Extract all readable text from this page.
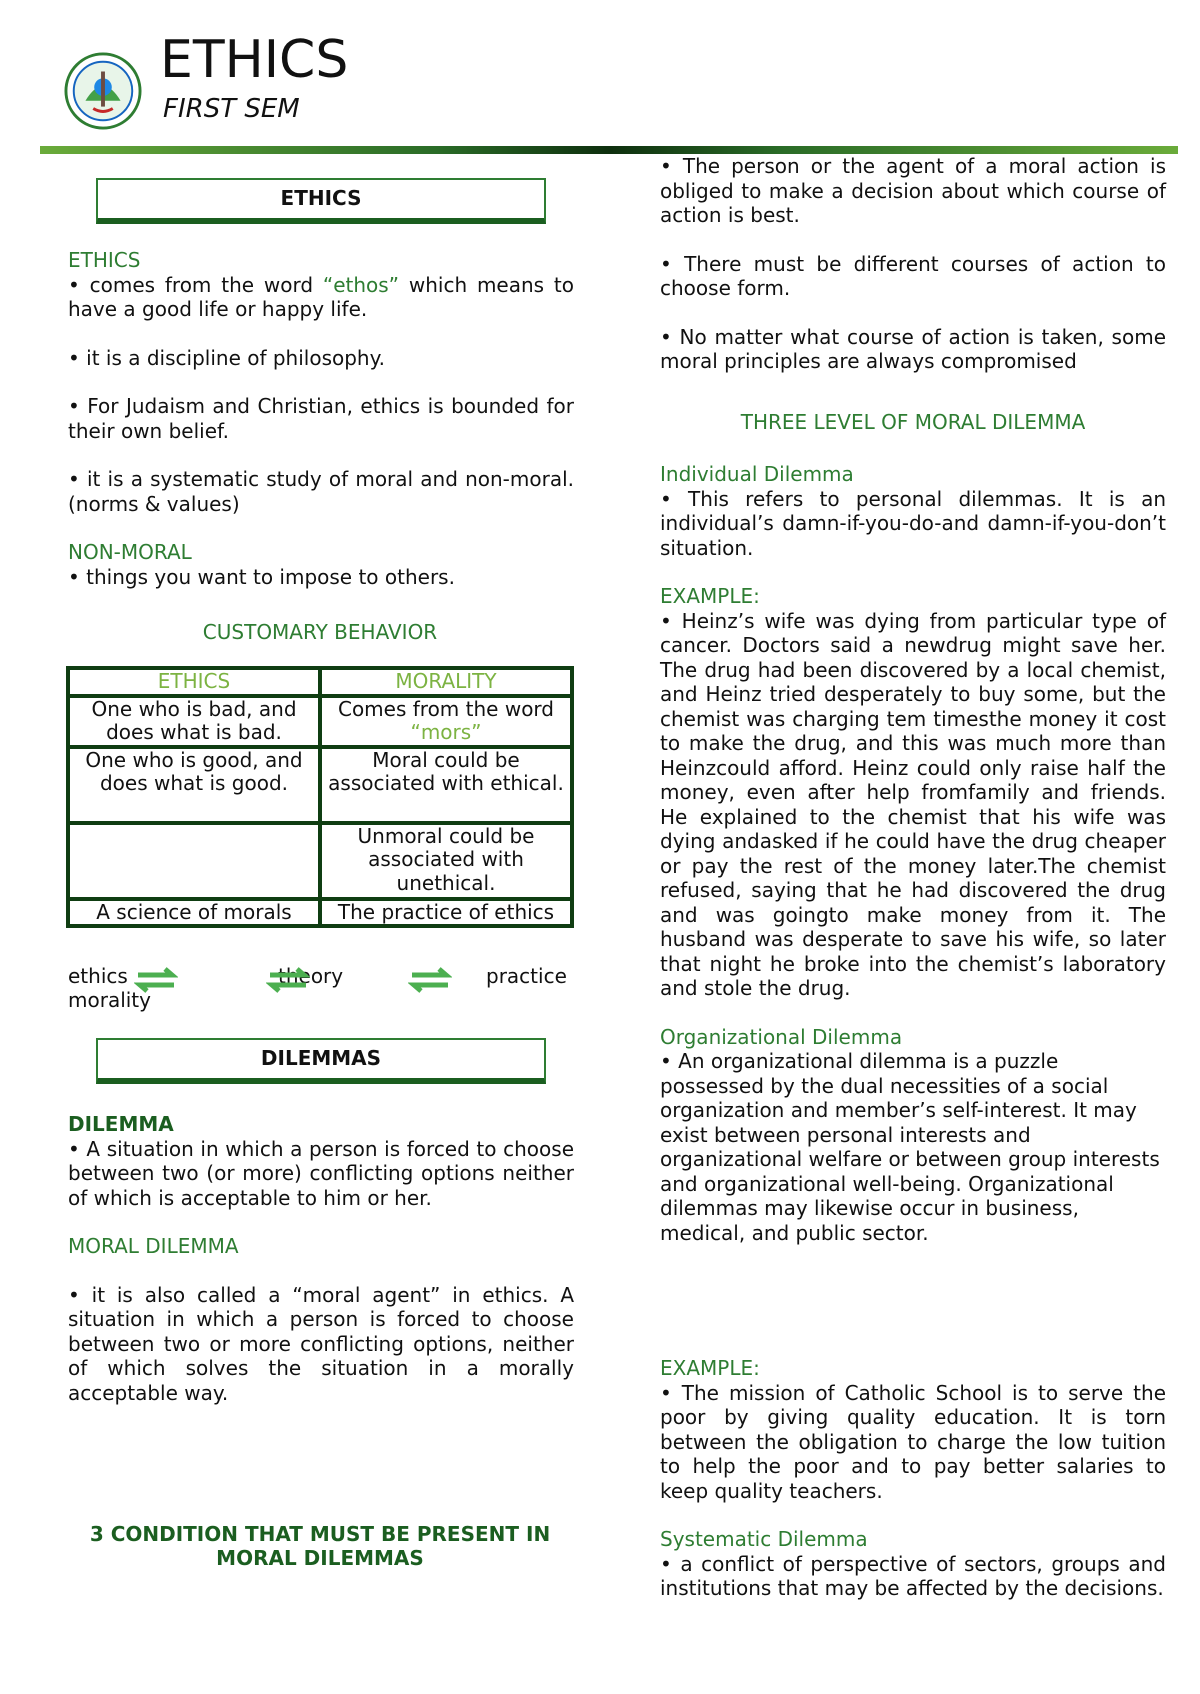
ETHICS
FIRST SEM
ETHICS

ETHICS

• comes from the word “ethos” which means to have a good life or happy life.

• it is a discipline of philosophy.

• For Judaism and Christian, ethics is bounded for their own belief.

• it is a systematic study of moral and non-moral. (norms & values)

NON-MORAL

• things you want to impose to others.

CUSTOMARY BEHAVIOR
ETHICS	MORALITY
One who is bad, and does what is bad.	Comes from the word “mors”
One who is good, and does what is good.	Moral could be associated with ethical.
	Unmoral could be associated with unethical.
A science of morals	The practice of ethics
ethics
morality
theory	practice
DILEMMAS

DILEMMA

• A situation in which a person is forced to choose between two (or more) conflicting options neither of which is acceptable to him or her.

MORAL DILEMMA

• it is also called a “moral agent” in ethics. A situation in which a person is forced to choose between two or more conflicting options, neither of which solves the situation in a morally acceptable way.

3 CONDITION THAT MUST BE PRESENT IN MORAL DILEMMAS

• The person or the agent of a moral action is obliged to make a decision about which course of action is best.

• There must be different courses of action to choose form.

• No matter what course of action is taken, some moral principles are always compromised

THREE LEVEL OF MORAL DILEMMA

Individual Dilemma

• This refers to personal dilemmas. It is an individual’s damn-if-you-do-and damn-if-you-don’t situation.

EXAMPLE:

• Heinz’s wife was dying from particular type of cancer. Doctors said a newdrug might save her. The drug had been discovered by a local chemist, and Heinz tried desperately to buy some, but the chemist was charging tem timesthe money it cost to make the drug, and this was much more than Heinzcould afford. Heinz could only raise half the money, even after help fromfamily and friends. He explained to the chemist that his wife was dying andasked if he could have the drug cheaper or pay the rest of the money later.The chemist refused, saying that he had discovered the drug and was goingto make money from it. The husband was desperate to save his wife, so later that night he broke into the chemist’s laboratory and stole the drug.

Organizational Dilemma

• An organizational dilemma is a puzzle possessed by the dual necessities of a social organization and member’s self-interest. It may exist between personal interests and organizational welfare or between group interests and organizational well-being. Organizational dilemmas may likewise occur in business, medical, and public sector.

EXAMPLE:

• The mission of Catholic School is to serve the poor by giving quality education. It is torn between the obligation to charge the low tuition to help the poor and to pay better salaries to keep quality teachers.

Systematic Dilemma

• a conflict of perspective of sectors, groups and institutions that may be affected by the decisions.
